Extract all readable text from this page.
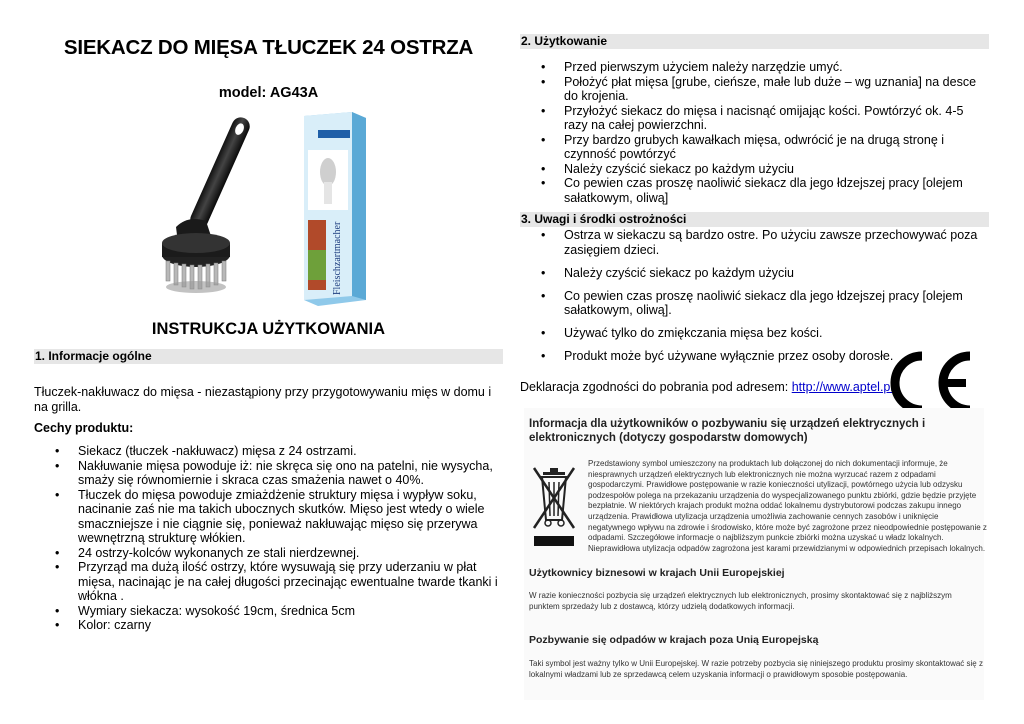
SIEKACZ DO MIĘSA TŁUCZEK 24 OSTRZA
model: AG43A
Fleischzartmacher
INSTRUKCJA UŻYTKOWANIA
1. Informacje ogólne
Tłuczek-nakłuwacz do mięsa - niezastąpiony przy przygotowywaniu mięs w domu i na grilla.
Cechy produktu:
• Siekacz (tłuczek -nakłuwacz) mięsa z 24 ostrzami.
• Nakłuwanie mięsa powoduje iż: nie skręca się ono na patelni, nie wysycha, smaży się równomiernie i skraca czas smażenia nawet o 40%.
• Tłuczek do mięsa powoduje zmiażdżenie struktury mięsa i wypływ soku, nacinanie zaś nie ma takich ubocznych skutków. Mięso jest wtedy o wiele smaczniejsze i nie ciągnie się, ponieważ nakłuwając mięso się przerywa wewnętrzną strukturę włókien.
• 24 ostrzy-kolców wykonanych ze stali nierdzewnej.
• Przyrząd ma dużą ilość ostrzy, które wysuwają się przy uderzaniu w płat mięsa, nacinając je na całej długości przecinając ewentualne twarde tkanki i włókna .
• Wymiary siekacza: wysokość 19cm, średnica 5cm
• Kolor: czarny
2. Użytkowanie
• Przed pierwszym użyciem należy narzędzie umyć.
• Położyć płat mięsa [grube, cieńsze, małe lub duże – wg uznania] na desce do krojenia.
• Przyłożyć siekacz do mięsa i nacisnąć omijając kości. Powtórzyć ok. 4-5 razy na całej powierzchni.
• Przy bardzo grubych kawałkach mięsa, odwrócić je na drugą stronę i czynność powtórzyć
• Należy czyścić siekacz po każdym użyciu
• Co pewien czas proszę naoliwić siekacz dla jego łdzejszej pracy [olejem sałatkowym, oliwą]
3. Uwagi i środki ostrożności
• Ostrza w siekaczu są bardzo ostre. Po użyciu zawsze przechowywać poza zasięgiem dzieci.
• Należy czyścić siekacz po każdym użyciu
• Co pewien czas proszę naoliwić siekacz dla jego łdzejszej pracy [olejem sałatkowym, oliwą].
• Używać tylko do zmiękczania mięsa bez kości.
• Produkt może być używane wyłącznie przez osoby dorosłe.
Deklaracja zgodności do pobrania pod adresem: http://www.aptel.pl
Informacja dla użytkowników o pozbywaniu się urządzeń elektrycznych i elektronicznych (dotyczy gospodarstw domowych)
Przedstawiony symbol umieszczony na produktach lub dołączonej do nich dokumentacji informuje, że niesprawnych urządzeń elektrycznych lub elektronicznych nie można wyrzucać razem z odpadami gospodarczymi. Prawidłowe postępowanie w razie konieczności utylizacji, powtórnego użycia lub odzysku podzespołów polega na przekazaniu urządzenia do wyspecjalizowanego punktu zbiórki, gdzie będzie przyjęte bezpłatnie. W niektórych krajach produkt można oddać lokalnemu dystrybutorowi podczas zakupu innego urządzenia. Prawidłowa utylizacja urządzenia umożliwia zachowanie cennych zasobów i uniknięcie negatywnego wpływu na zdrowie i środowisko, które może być zagrożone przez nieodpowiednie postępowanie z odpadami. Szczegółowe informacje o najbliższym punkcie zbiórki można uzyskać u władz lokalnych. Nieprawidłowa utylizacja odpadów zagrożona jest karami przewidzianymi w odpowiednich przepisach lokalnych.
Użytkownicy biznesowi w krajach Unii Europejskiej
W razie konieczności pozbycia się urządzeń elektrycznych lub elektronicznych, prosimy skontaktować się z najbliższym punktem sprzedaży lub z dostawcą, którzy udzielą dodatkowych informacji.
Pozbywanie się odpadów w krajach poza Unią Europejską
Taki symbol jest ważny tylko w Unii Europejskej. W razie potrzeby pozbycia się niniejszego produktu prosimy skontaktować się z lokalnymi władzami lub ze sprzedawcą celem uzyskania informacji o prawidłowym sposobie postępowania.
